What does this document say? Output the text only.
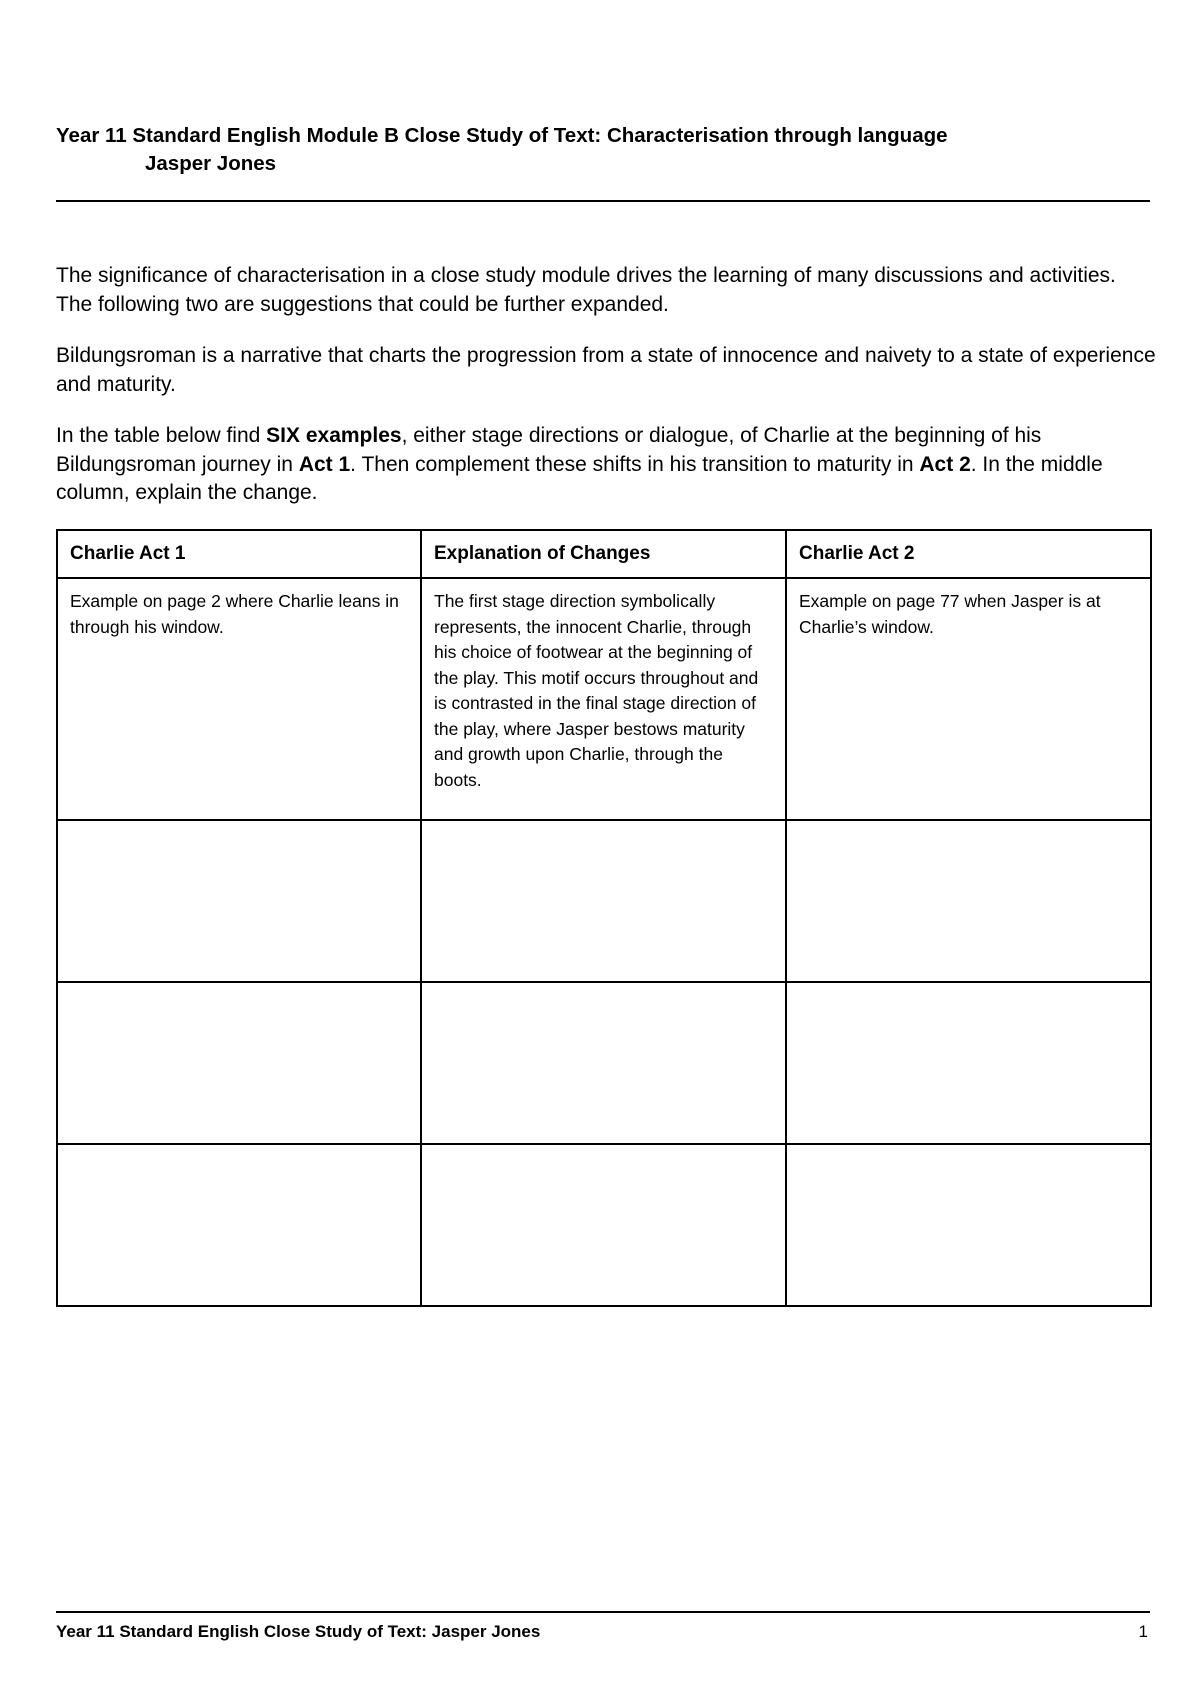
Year 11 Standard English Module B Close Study of Text: Characterisation through language
Jasper Jones

The significance of characterisation in a close study module drives the learning of many discussions and activities. The following two are suggestions that could be further expanded.

Bildungsroman is a narrative that charts the progression from a state of innocence and naivety to a state of experience and maturity.

In the table below find SIX examples, either stage directions or dialogue, of Charlie at the beginning of his Bildungsroman journey in Act 1. Then complement these shifts in his transition to maturity in Act 2. In the middle column, explain the change.

Charlie Act 1	Explanation of Changes	Charlie Act 2
Example on page 2 where Charlie leans in through his window.	The first stage direction symbolically represents, the innocent Charlie, through his choice of footwear at the beginning of the play. This motif occurs throughout and is contrasted in the final stage direction of the play, where Jasper bestows maturity and growth upon Charlie, through the boots.	Example on page 77 when Jasper is at Charlie’s window.

Year 11 Standard English Close Study of Text: Jasper Jones	1
